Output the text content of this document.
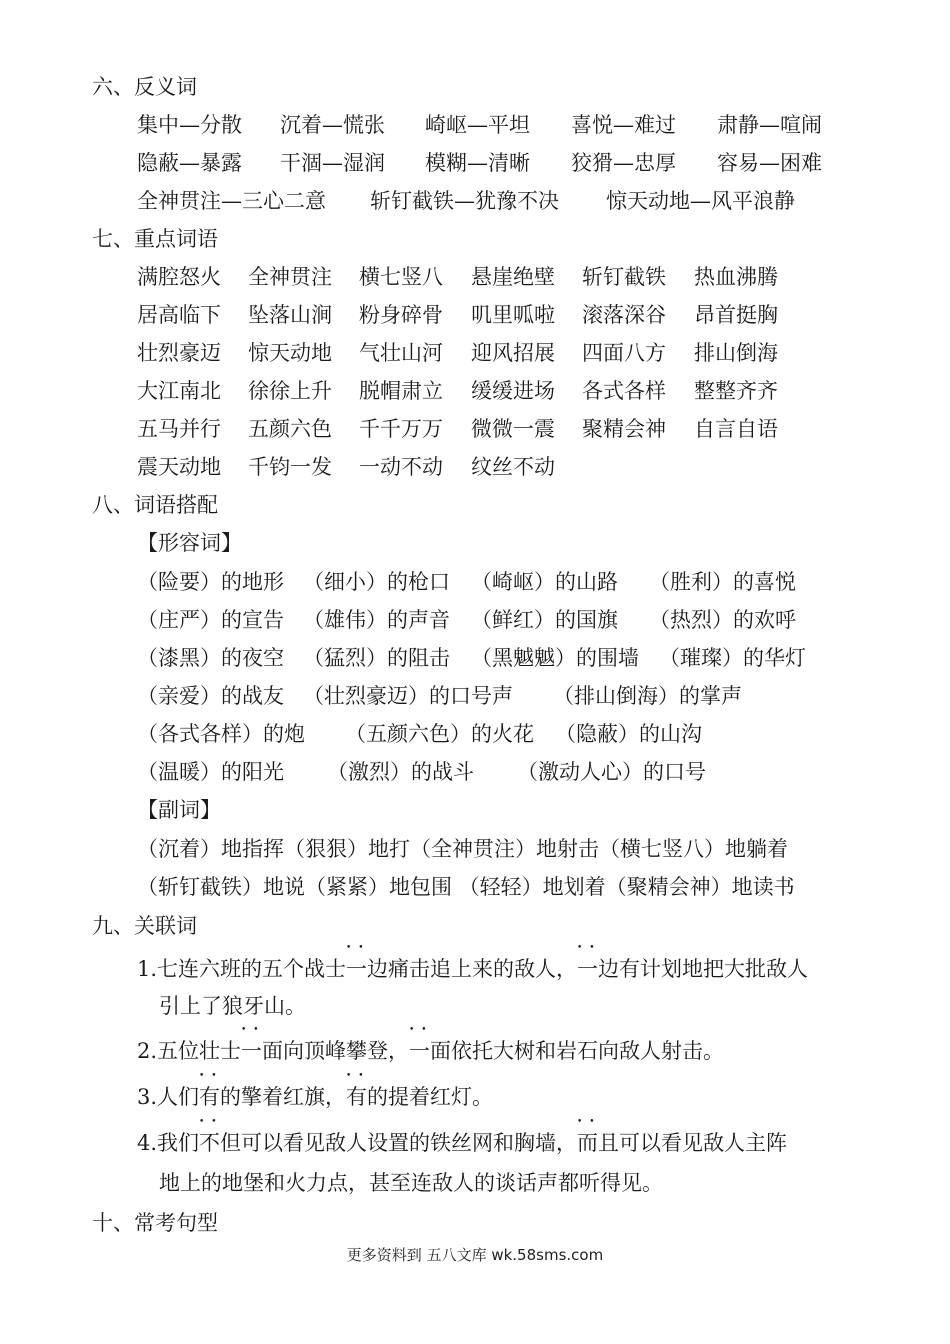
六、反义词
集中—分散	沉着—慌张	崎岖—平坦	喜悦—难过	肃静—喧闹
隐蔽—暴露	干涸—湿润	模糊—清晰	狡猾—忠厚	容易—困难
全神贯注—三心二意	斩钉截铁—犹豫不决	惊天动地—风平浪静
七、重点词语
满腔怒火	全神贯注	横七竖八	悬崖绝壁	斩钉截铁	热血沸腾
居高临下	坠落山涧	粉身碎骨	叽里呱啦	滚落深谷	昂首挺胸
壮烈豪迈	惊天动地	气壮山河	迎风招展	四面八方	排山倒海
大江南北	徐徐上升	脱帽肃立	缓缓进场	各式各样	整整齐齐
五马并行	五颜六色	千千万万	微微一震	聚精会神	自言自语
震天动地	千钧一发	一动不动	纹丝不动
八、词语搭配
【形容词】
（险要）的地形 （细小）的枪口	（崎岖）的山路	（胜利）的喜悦
（庄严）的宣告 （雄伟）的声音	（鲜红）的国旗	（热烈）的欢呼
（漆黑）的夜空 （猛烈）的阻击	（黑魆魆）的围墙 （璀璨）的华灯
（亲爱）的战友 （壮烈豪迈）的口号声	（排山倒海）的掌声
（各式各样）的炮	（五颜六色）的火花	（隐蔽）的山沟
（温暖）的阳光	（激烈）的战斗	（激动人心）的口号
【副词】
（沉着）地指挥（狠狠）地打（全神贯注）地射击（横七竖八）地躺着
（斩钉截铁）地说（紧紧）地包围 （轻轻）地划着（聚精会神）地读书
九、关联词
1.七连六班的五个战士• • 一边痛击追上来的敌人，• • 一边有计划地把大批敌人
引上了狼牙山。
2.五位壮士• • 一面向顶峰攀登，• • 一面依托大树和岩石向敌人射击。
3.人们• • 有的擎着红旗，• • 有的提着红灯。
4.我们• • 不但可以看见敌人设置的铁丝网和胸墙，• • 而且可以看见敌人主阵
地上的地堡和火力点，甚至连敌人的谈话声都听得见。
十、常考句型
更多资料到 五八文库 wk.58sms.com
